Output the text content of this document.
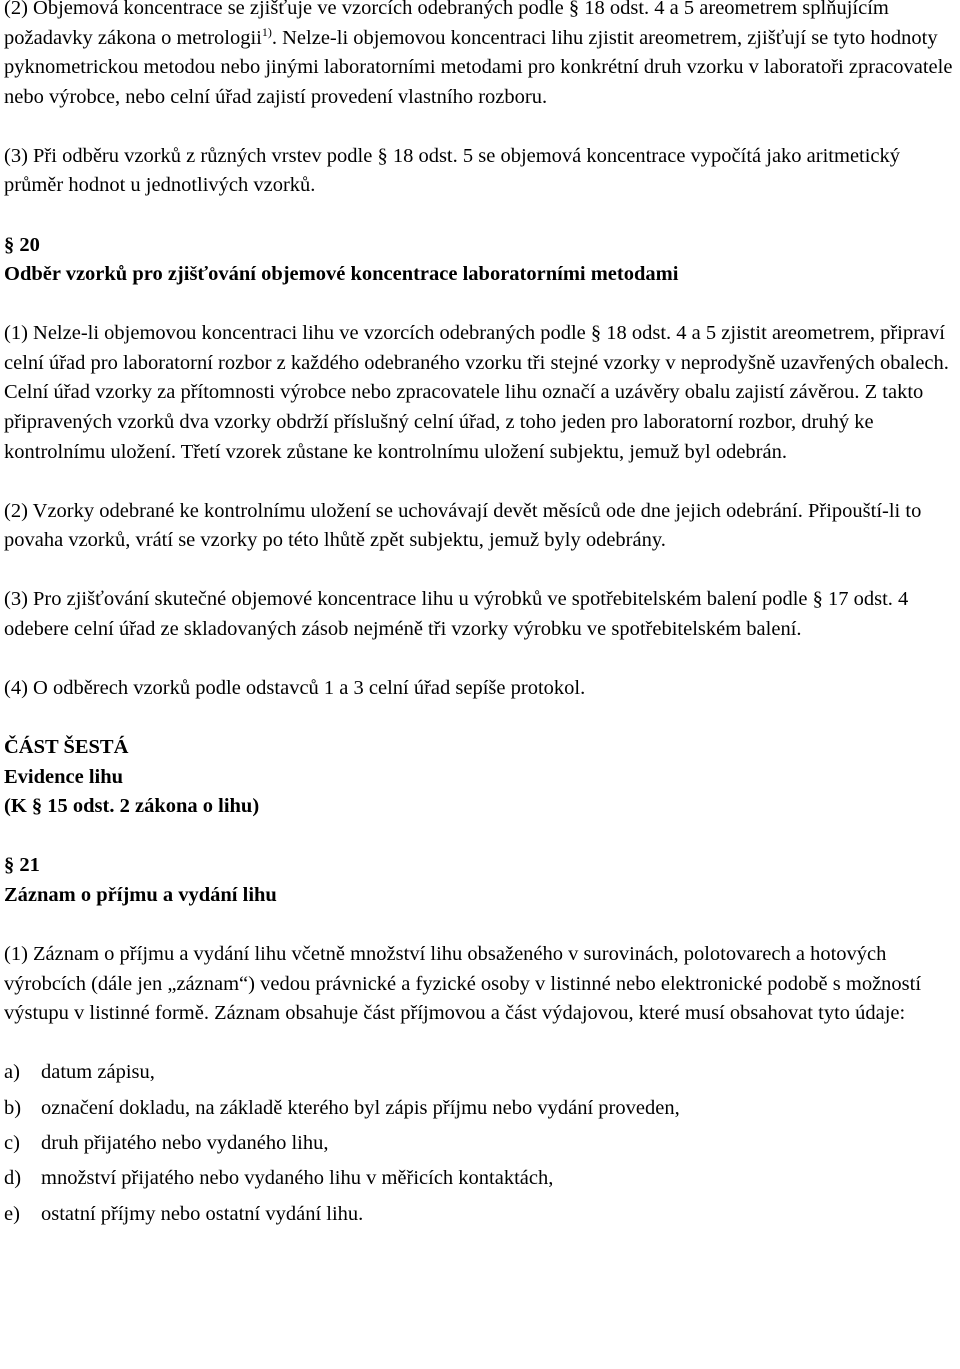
(2) Objemová koncentrace se zjišťuje ve vzorcích odebraných podle § 18 odst. 4 a 5 areometrem splňujícím požadavky zákona o metrologii$^{1)}$. Nelze-li objemovou koncentraci lihu zjistit areometrem, zjišťují se tyto hodnoty pyknometrickou metodou nebo jinými laboratorními metodami pro konkrétní druh vzorku v laboratoři zpracovatele nebo výrobce, nebo celní úřad zajistí provedení vlastního rozboru.

(3) Při odběru vzorků z různých vrstev podle § 18 odst. 5 se objemová koncentrace vypočítá jako aritmetický průměr hodnot u jednotlivých vzorků.

§ 20
Odběr vzorků pro zjišťování objemové koncentrace laboratorními metodami

(1) Nelze-li objemovou koncentraci lihu ve vzorcích odebraných podle § 18 odst. 4 a 5 zjistit areometrem, připraví celní úřad pro laboratorní rozbor z každého odebraného vzorku tři stejné vzorky v neprodyšně uzavřených obalech. Celní úřad vzorky za přítomnosti výrobce nebo zpracovatele lihu označí a uzávěry obalu zajistí závěrou. Z takto připravených vzorků dva vzorky obdrží příslušný celní úřad, z toho jeden pro laboratorní rozbor, druhý ke kontrolnímu uložení. Třetí vzorek zůstane ke kontrolnímu uložení subjektu, jemuž byl odebrán.

(2) Vzorky odebrané ke kontrolnímu uložení se uchovávají devět měsíců ode dne jejich odebrání. Připouští-li to povaha vzorků, vrátí se vzorky po této lhůtě zpět subjektu, jemuž byly odebrány.

(3) Pro zjišťování skutečné objemové koncentrace lihu u výrobků ve spotřebitelském balení podle § 17 odst. 4 odebere celní úřad ze skladovaných zásob nejméně tři vzorky výrobku ve spotřebitelském balení.

(4) O odběrech vzorků podle odstavců 1 a 3 celní úřad sepíše protokol.

ČÁST ŠESTÁ
Evidence lihu
(K § 15 odst. 2 zákona o lihu)
§ 21
Záznam o příjmu a vydání lihu

(1) Záznam o příjmu a vydání lihu včetně množství lihu obsaženého v surovinách, polotovarech a hotových výrobcích (dále jen „záznam“) vedou právnické a fyzické osoby v listinné nebo elektronické podobě s možností výstupu v listinné formě. Záznam obsahuje část příjmovou a část výdajovou, které musí obsahovat tyto údaje:

a) datum zápisu,
b) označení dokladu, na základě kterého byl zápis příjmu nebo vydání proveden,
c) druh přijatého nebo vydaného lihu,
d) množství přijatého nebo vydaného lihu v měřicích kontaktách,
e) ostatní příjmy nebo ostatní vydání lihu.
